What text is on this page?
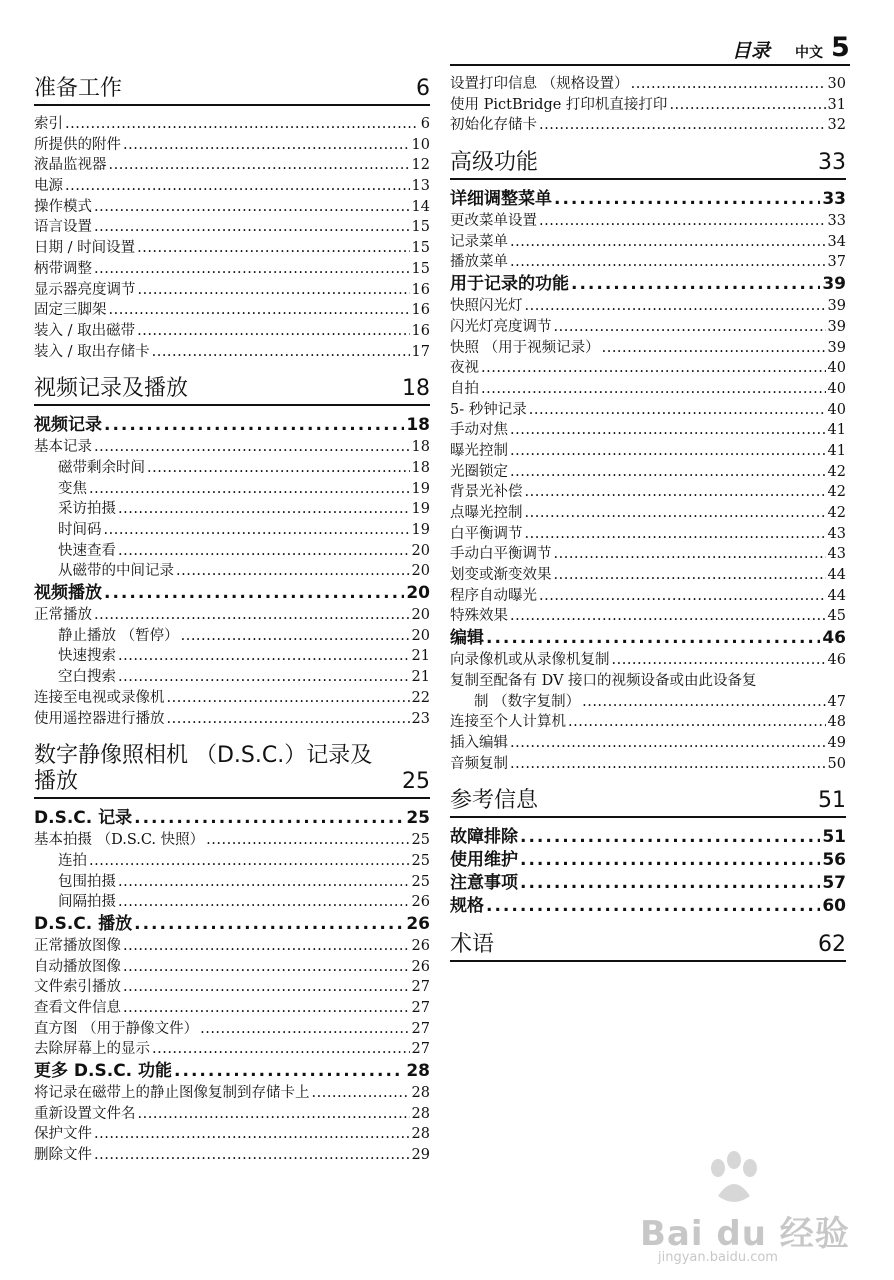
目录 中文 5
准备工作	6
索引 .....	6
所提供的附件 .....	10
液晶监视器 .....	12
电源 .....	13
操作模式 .....	14
语言设置 .....	15
日期 / 时间设置 .....	15
柄带调整 .....	15
显示器亮度调节 .....	16
固定三脚架 .....	16
装入 / 取出磁带 .....	16
装入 / 取出存储卡 .....	17
视频记录及播放	18
视频记录 .....	18
基本记录 .....	18
磁带剩余时间 .....	18
变焦 .....	19
采访拍摄 .....	19
时间码 .....	19
快速查看 .....	20
从磁带的中间记录 .....	20
视频播放 .....	20
正常播放 .....	20
静止播放 （暂停） .....	20
快速搜索 .....	21
空白搜索 .....	21
连接至电视或录像机 .....	22
使用遥控器进行播放 .....	23
数字静像照相机 （D.S.C.）记录及
播放	25
D.S.C. 记录 .....	25
基本拍摄 （D.S.C. 快照） .....	25
连拍 .....	25
包围拍摄 .....	25
间隔拍摄 .....	26
D.S.C. 播放 .....	26
正常播放图像 .....	26
自动播放图像 .....	26
文件索引播放 .....	27
查看文件信息 .....	27
直方图 （用于静像文件） .....	27
去除屏幕上的显示 .....	27
更多 D.S.C. 功能 .....	28
将记录在磁带上的静止图像复制到存储卡上 .....	28
重新设置文件名 .....	28
保护文件 .....	28
删除文件 .....	29
设置打印信息 （规格设置） .....	30
使用 PictBridge 打印机直接打印 .....	31
初始化存储卡 .....	32
高级功能	33
详细调整菜单 .....	33
更改菜单设置 .....	33
记录菜单 .....	34
播放菜单 .....	37
用于记录的功能 .....	39
快照闪光灯 .....	39
闪光灯亮度调节 .....	39
快照 （用于视频记录） .....	39
夜视 .....	40
自拍 .....	40
5- 秒钟记录 .....	40
手动对焦 .....	41
曝光控制 .....	41
光圈锁定 .....	42
背景光补偿 .....	42
点曝光控制 .....	42
白平衡调节 .....	43
手动白平衡调节 .....	43
划变或渐变效果 .....	44
程序自动曝光 .....	44
特殊效果 .....	45
编辑 .....	46
向录像机或从录像机复制 .....	46
复制至配备有 DV 接口的视频设备或由此设备复
制 （数字复制） .....	47
连接至个人计算机 .....	48
插入编辑 .....	49
音频复制 .....	50
参考信息	51
故障排除 .....	51
使用维护 .....	56
注意事项 .....	57
规格 .....	60
术语	62
Bai du 经验
jingyan.baidu.com
